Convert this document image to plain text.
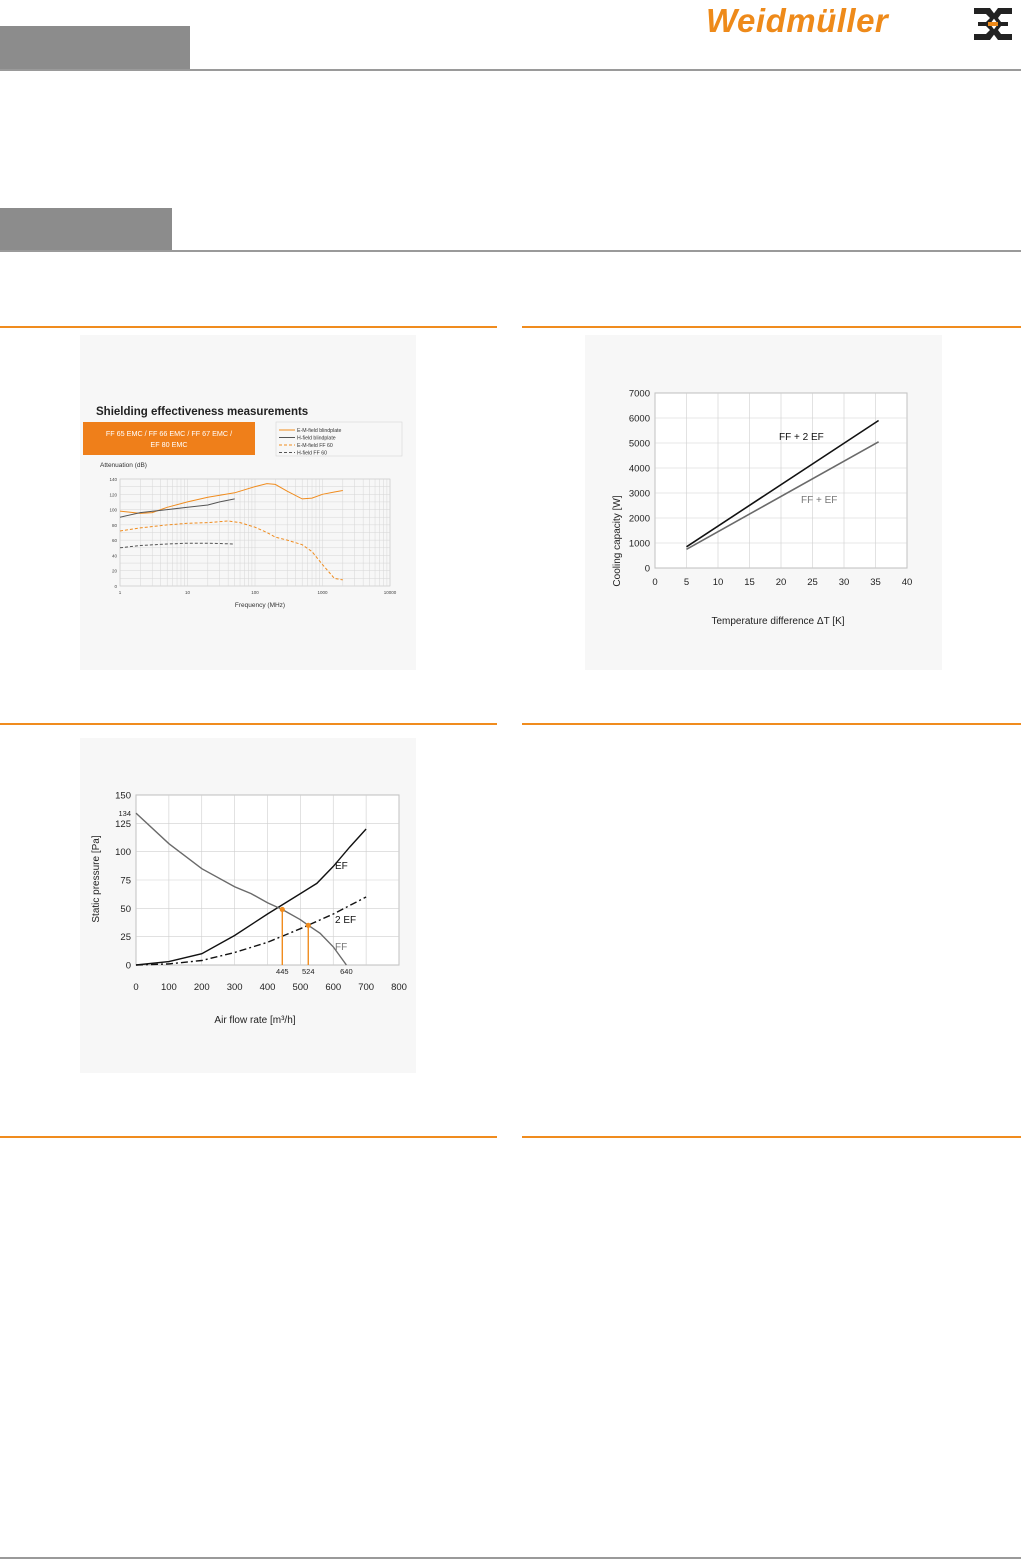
Weidmüller
Shielding effectiveness measurements
FF 65 EMC / FF 66 EMC / FF 67 EMC /
EF 80 EMC
Attenuation (dB)
Frequency (MHz)
0
20
40
60
80
100
120
140
1	10	100	1000	10000
E-M-field blindplate
H-field blindplate
E-M-field FF 60
H-field FF 60
Cooling capacity [W]
Temperature difference ΔT [K]
0
1000
2000
3000
4000
5000
6000
7000
0	5 10 15 20 25 30 35 40
FF + 2 EF
FF + EF
Static pressure [Pa]
Air flow rate [m³/h]
0
25
50
75
100
125
150
134
0 100 200 300 400 500 600 700 800
445 524	640
EF
2 EF
FF
